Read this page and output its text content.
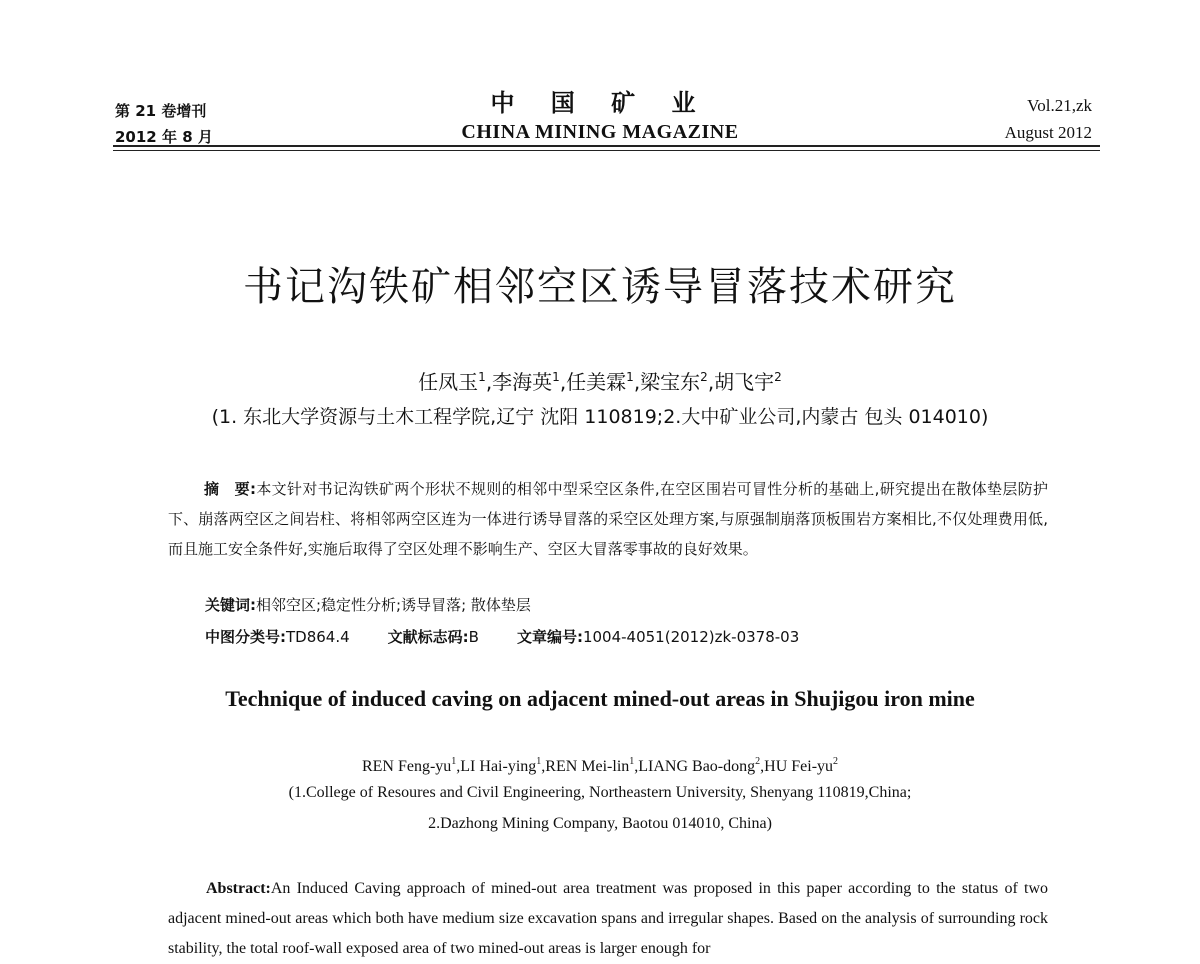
第 21 卷增刊
2012 年 8 月
中 国 矿 业
CHINA MINING MAGAZINE
Vol.21,zk
August 2012
书记沟铁矿相邻空区诱导冒落技术研究
任凤玉$^1$,李海英$^1$,任美霖$^1$,梁宝东$^2$,胡飞宇$^2$
(1. 东北大学资源与土木工程学院,辽宁 沈阳 110819;2.大中矿业公司,内蒙古 包头 014010)
摘　要:本文针对书记沟铁矿两个形状不规则的相邻中型采空区条件,在空区围岩可冒性分析的基础上,研究提出在散体垫层防护下、崩落两空区之间岩柱、将相邻两空区连为一体进行诱导冒落的采空区处理方案,与原强制崩落顶板围岩方案相比,不仅处理费用低,而且施工安全条件好,实施后取得了空区处理不影响生产、空区大冒落零事故的良好效果。
关键词:相邻空区;稳定性分析;诱导冒落; 散体垫层
中图分类号:TD864.4	文献标志码:B	文章编号:1004-4051(2012)zk-0378-03
Technique of induced caving on adjacent mined-out areas in Shujigou iron mine
REN Feng-$yu^1,LI$ Hai-ying$^1$,REN Mei-lin$^1$,LIANG Bao-dong$^2$,HU Fei-$yu^2$
(1.College of Resoures and Civil Engineering, Northeastern University, Shenyang 110819,China;
2.Dazhong Mining Company, Baotou 014010, China)
Abstract:An Induced Caving approach of mined-out area treatment was proposed in this paper according to the status of two adjacent mined-out areas which both have medium size excavation spans and irregular shapes. Based on the analysis of surrounding rock stability, the total roof-wall exposed area of two mined-out areas is larger enough for
